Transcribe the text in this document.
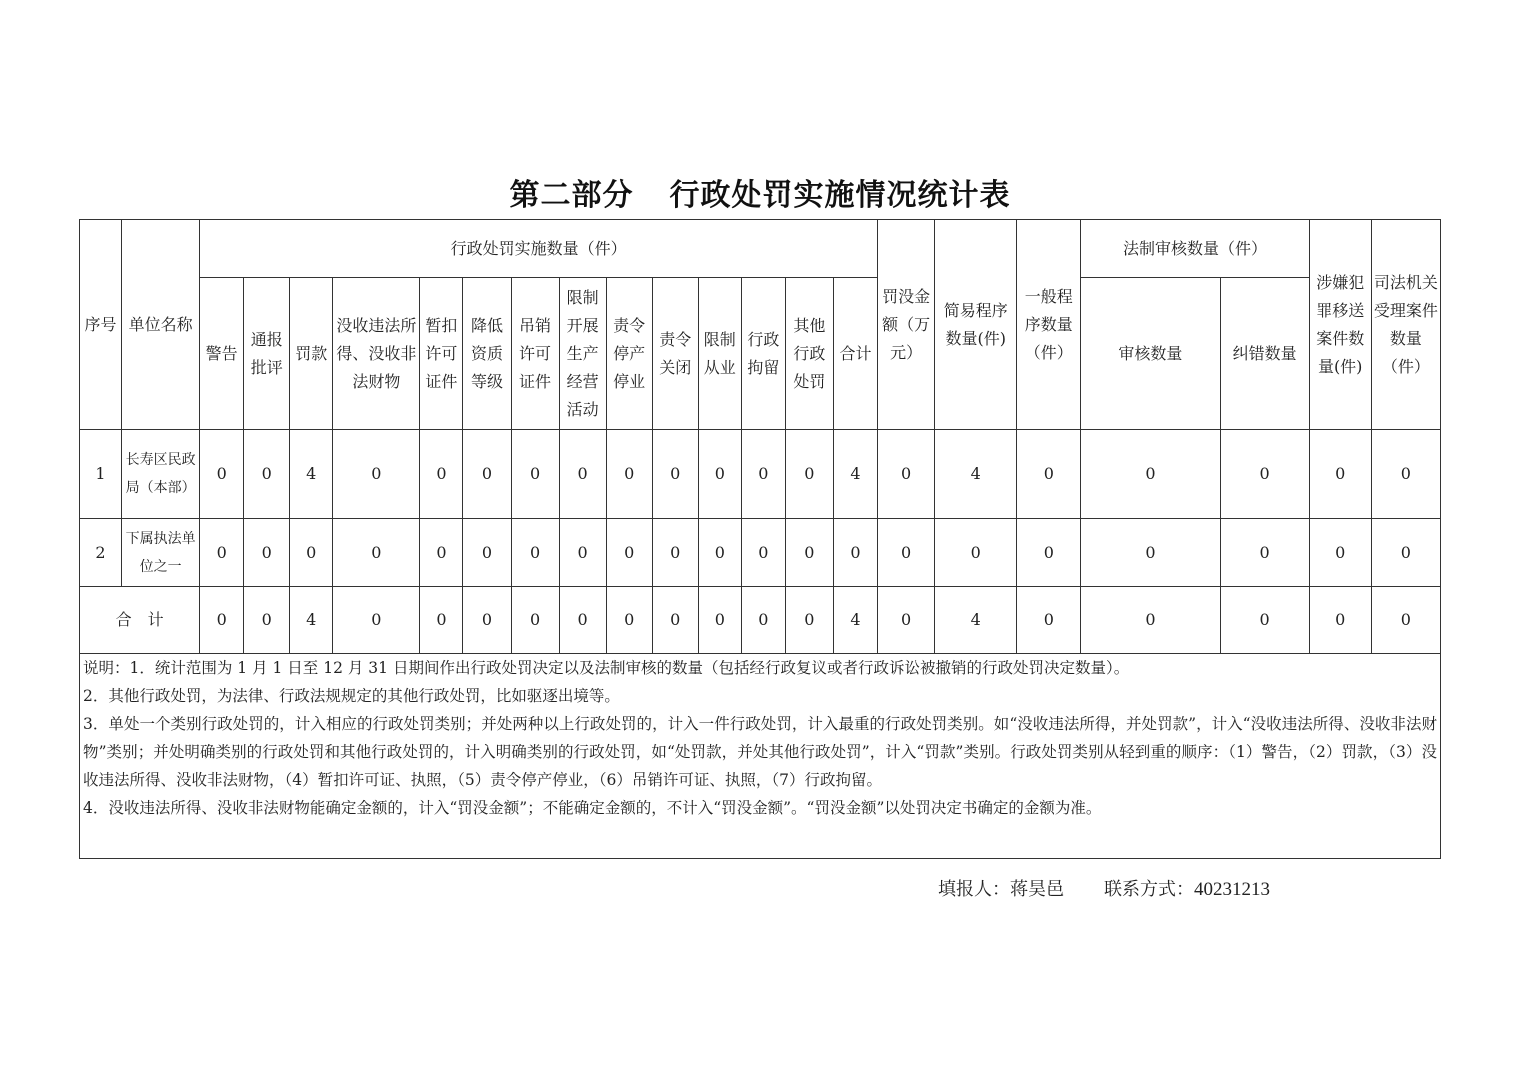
第二部分 行政处罚实施情况统计表
序号	单位名称	行政处罚实施数量（件）														罚没金额（万元）	简易程序数量(件)	一般程序数量（件）	法制审核数量（件）		涉嫌犯罪移送案件数量(件)	司法机关受理案件数量（件）
		警告	通报批评	罚款	没收违法所得、没收非法财物	暂扣许可证件	降低资质等级	吊销许可证件	限制开展生产经营活动	责令停产停业	责令关闭	限制从业	行政拘留	其他行政处罚	合计				审核数量	纠错数量		
1	长寿区民政局（本部）	0	0	4	0	0	0	0	0	0	0	0	0	0	4	0	4	0	0	0	0	0
2	下属执法单位之一	0	0	0	0	0	0	0	0	0	0	0	0	0	0	0	0	0	0	0	0	0
合　计		0	0	4	0	0	0	0	0	0	0	0	0	0	4	0	4	0	0	0	0	0

说明：1．统计范围为 1 月 1 日至 12 月 31 日期间作出行政处罚决定以及法制审核的数量（包括经行政复议或者行政诉讼被撤销的行政处罚决定数量）。

2．其他行政处罚，为法律、行政法规规定的其他行政处罚，比如驱逐出境等。

3．单处一个类别行政处罚的，计入相应的行政处罚类别；并处两种以上行政处罚的，计入一件行政处罚，计入最重的行政处罚类别。如“没收违法所得，并处罚款”，计入“没收违法所得、没收非法财物”类别；并处明确类别的行政处罚和其他行政处罚的，计入明确类别的行政处罚，如“处罚款，并处其他行政处罚”，计入“罚款”类别。行政处罚类别从轻到重的顺序：（1）警告，（2）罚款，（3）没收违法所得、没收非法财物，（4）暂扣许可证、执照，（5）责令停产停业，（6）吊销许可证、执照，（7）行政拘留。

4．没收违法所得、没收非法财物能确定金额的，计入“罚没金额”；不能确定金额的，不计入“罚没金额”。“罚没金额”以处罚决定书确定的金额为准。

填报人：蒋昊邑 联系方式：40231213
